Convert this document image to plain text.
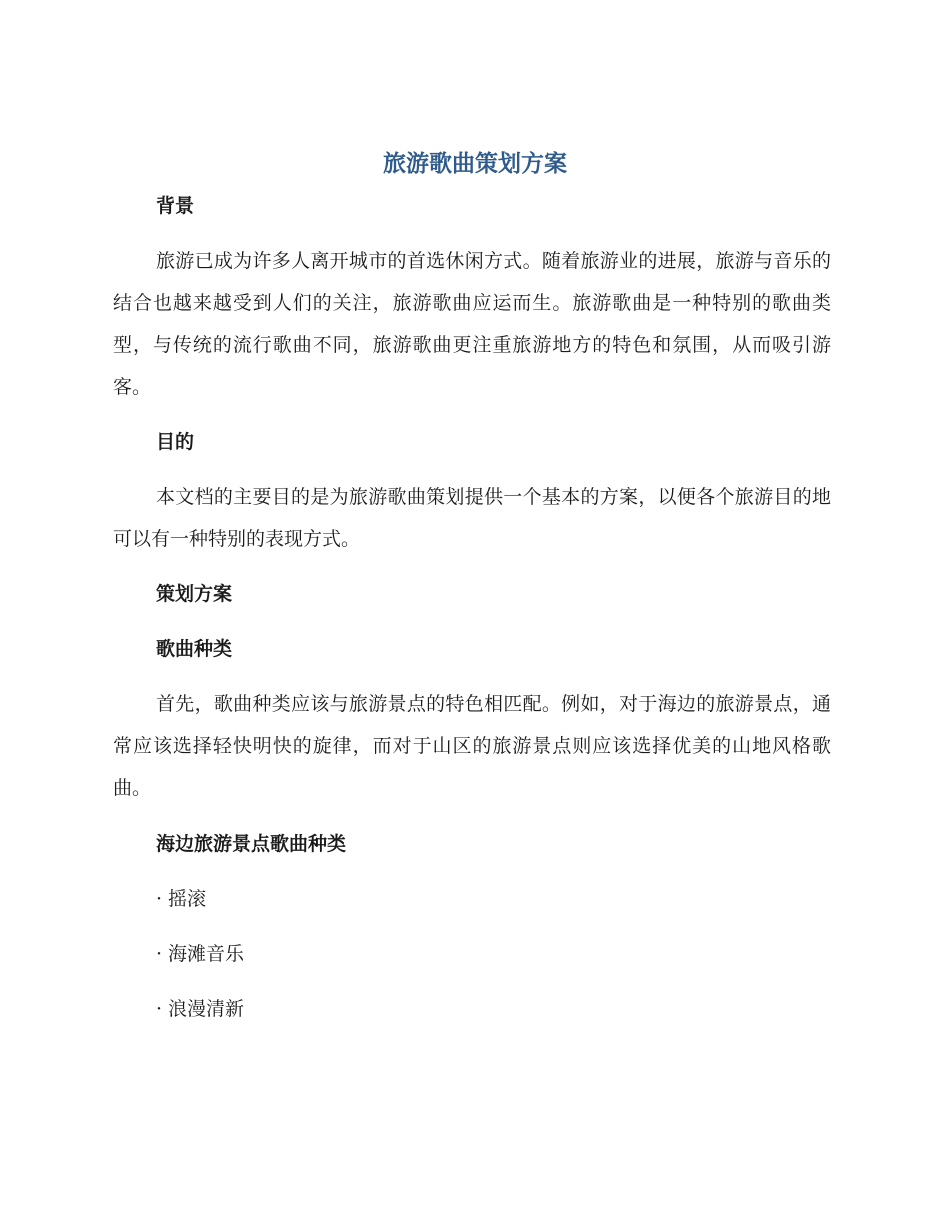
旅游歌曲策划方案
背景
旅游已成为许多人离开城市的首选休闲方式。随着旅游业的进展，旅游与音乐的结合也越来越受到人们的关注，旅游歌曲应运而生。旅游歌曲是一种特别的歌曲类型，与传统的流行歌曲不同，旅游歌曲更注重旅游地方的特色和氛围，从而吸引游客。
目的
本文档的主要目的是为旅游歌曲策划提供一个基本的方案，以便各个旅游目的地可以有一种特别的表现方式。
策划方案
歌曲种类
首先，歌曲种类应该与旅游景点的特色相匹配。例如，对于海边的旅游景点，通常应该选择轻快明快的旋律，而对于山区的旅游景点则应该选择优美的山地风格歌曲。
海边旅游景点歌曲种类
· 摇滚
· 海滩音乐
· 浪漫清新
